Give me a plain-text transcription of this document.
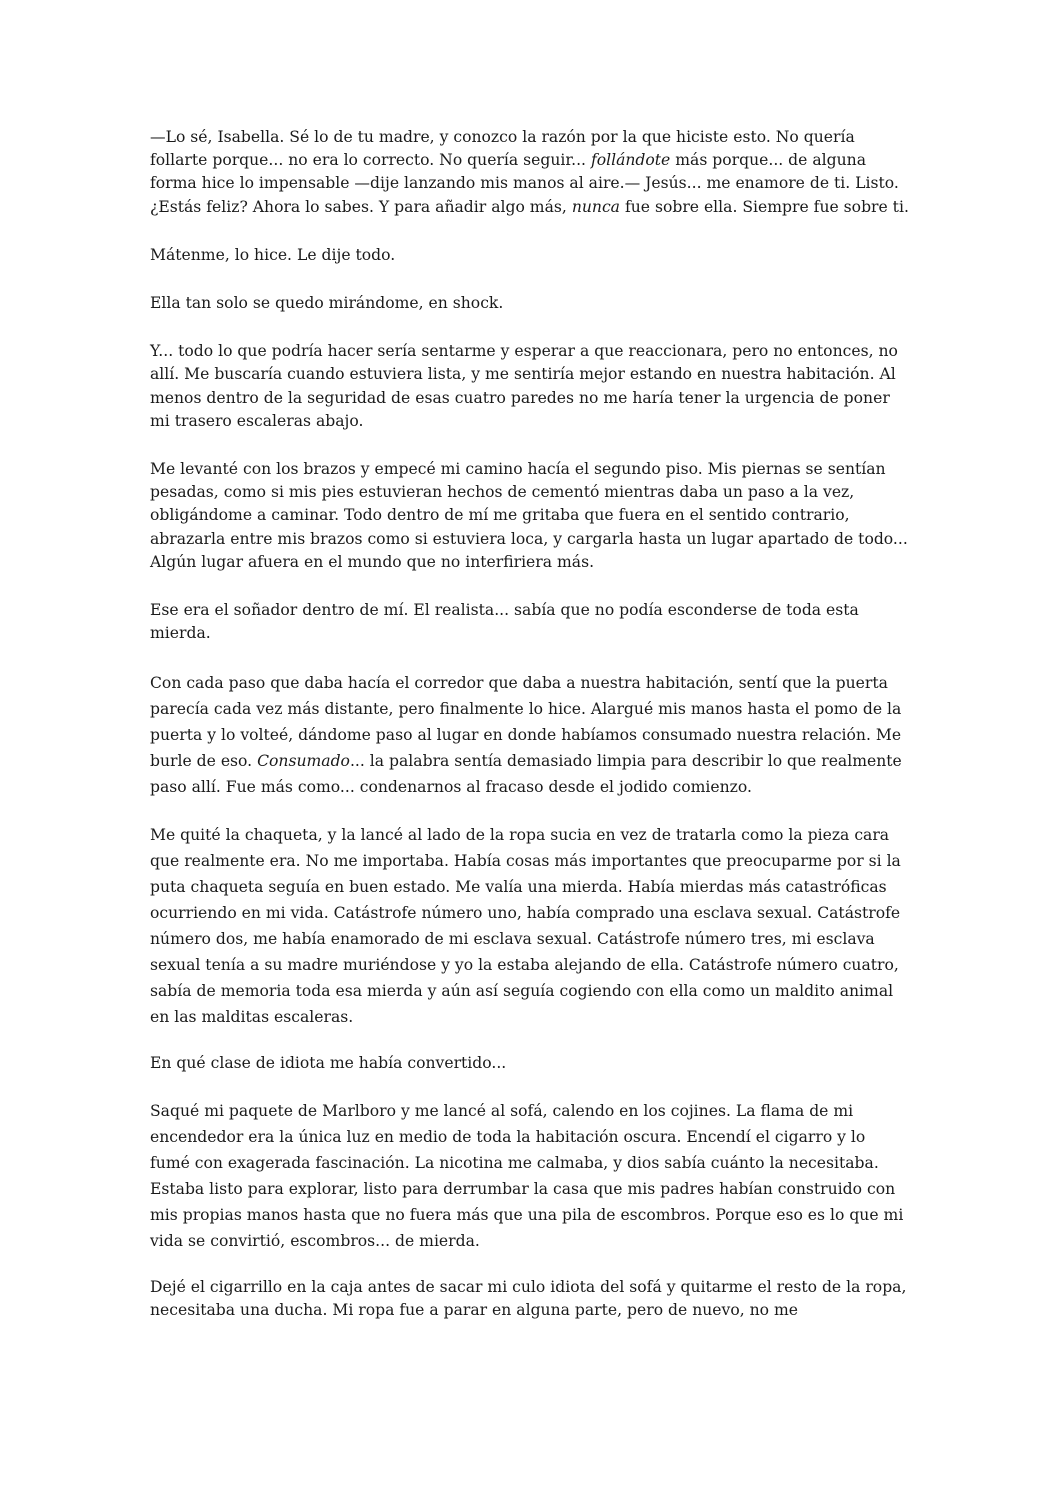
—Lo sé, Isabella. Sé lo de tu madre, y conozco la razón por la que hiciste esto. No quería follarte porque... no era lo correcto. No quería seguir... follándote más porque... de alguna forma hice lo impensable —dije lanzando mis manos al aire.— Jesús... me enamore de ti. Listo. ¿Estás feliz? Ahora lo sabes. Y para añadir algo más, nunca fue sobre ella. Siempre fue sobre ti.

Mátenme, lo hice. Le dije todo.

Ella tan solo se quedo mirándome, en shock.

Y... todo lo que podría hacer sería sentarme y esperar a que reaccionara, pero no entonces, no allí. Me buscaría cuando estuviera lista, y me sentiría mejor estando en nuestra habitación. Al menos dentro de la seguridad de esas cuatro paredes no me haría tener la urgencia de poner mi trasero escaleras abajo.

Me levanté con los brazos y empecé mi camino hacía el segundo piso. Mis piernas se sentían pesadas, como si mis pies estuvieran hechos de cementó mientras daba un paso a la vez, obligándome a caminar. Todo dentro de mí me gritaba que fuera en el sentido contrario, abrazarla entre mis brazos como si estuviera loca, y cargarla hasta un lugar apartado de todo... Algún lugar afuera en el mundo que no interfiriera más.

Ese era el soñador dentro de mí. El realista... sabía que no podía esconderse de toda esta mierda.

Con cada paso que daba hacía el corredor que daba a nuestra habitación, sentí que la puerta parecía cada vez más distante, pero finalmente lo hice. Alargué mis manos hasta el pomo de la puerta y lo volteé, dándome paso al lugar en donde habíamos consumado nuestra relación. Me burle de eso. Consumado... la palabra sentía demasiado limpia para describir lo que realmente paso allí. Fue más como... condenarnos al fracaso desde el jodido comienzo.

Me quité la chaqueta, y la lancé al lado de la ropa sucia en vez de tratarla como la pieza cara que realmente era. No me importaba. Había cosas más importantes que preocuparme por si la puta chaqueta seguía en buen estado. Me valía una mierda. Había mierdas más catastróficas ocurriendo en mi vida. Catástrofe número uno, había comprado una esclava sexual. Catástrofe número dos, me había enamorado de mi esclava sexual. Catástrofe número tres, mi esclava sexual tenía a su madre muriéndose y yo la estaba alejando de ella. Catástrofe número cuatro, sabía de memoria toda esa mierda y aún así seguía cogiendo con ella como un maldito animal en las malditas escaleras.

En qué clase de idiota me había convertido...

Saqué mi paquete de Marlboro y me lancé al sofá, calendo en los cojines. La flama de mi encendedor era la única luz en medio de toda la habitación oscura. Encendí el cigarro y lo fumé con exagerada fascinación. La nicotina me calmaba, y dios sabía cuánto la necesitaba. Estaba listo para explorar, listo para derrumbar la casa que mis padres habían construido con mis propias manos hasta que no fuera más que una pila de escombros. Porque eso es lo que mi vida se convirtió, escombros... de mierda.

Dejé el cigarrillo en la caja antes de sacar mi culo idiota del sofá y quitarme el resto de la ropa, necesitaba una ducha. Mi ropa fue a parar en alguna parte, pero de nuevo, no me
